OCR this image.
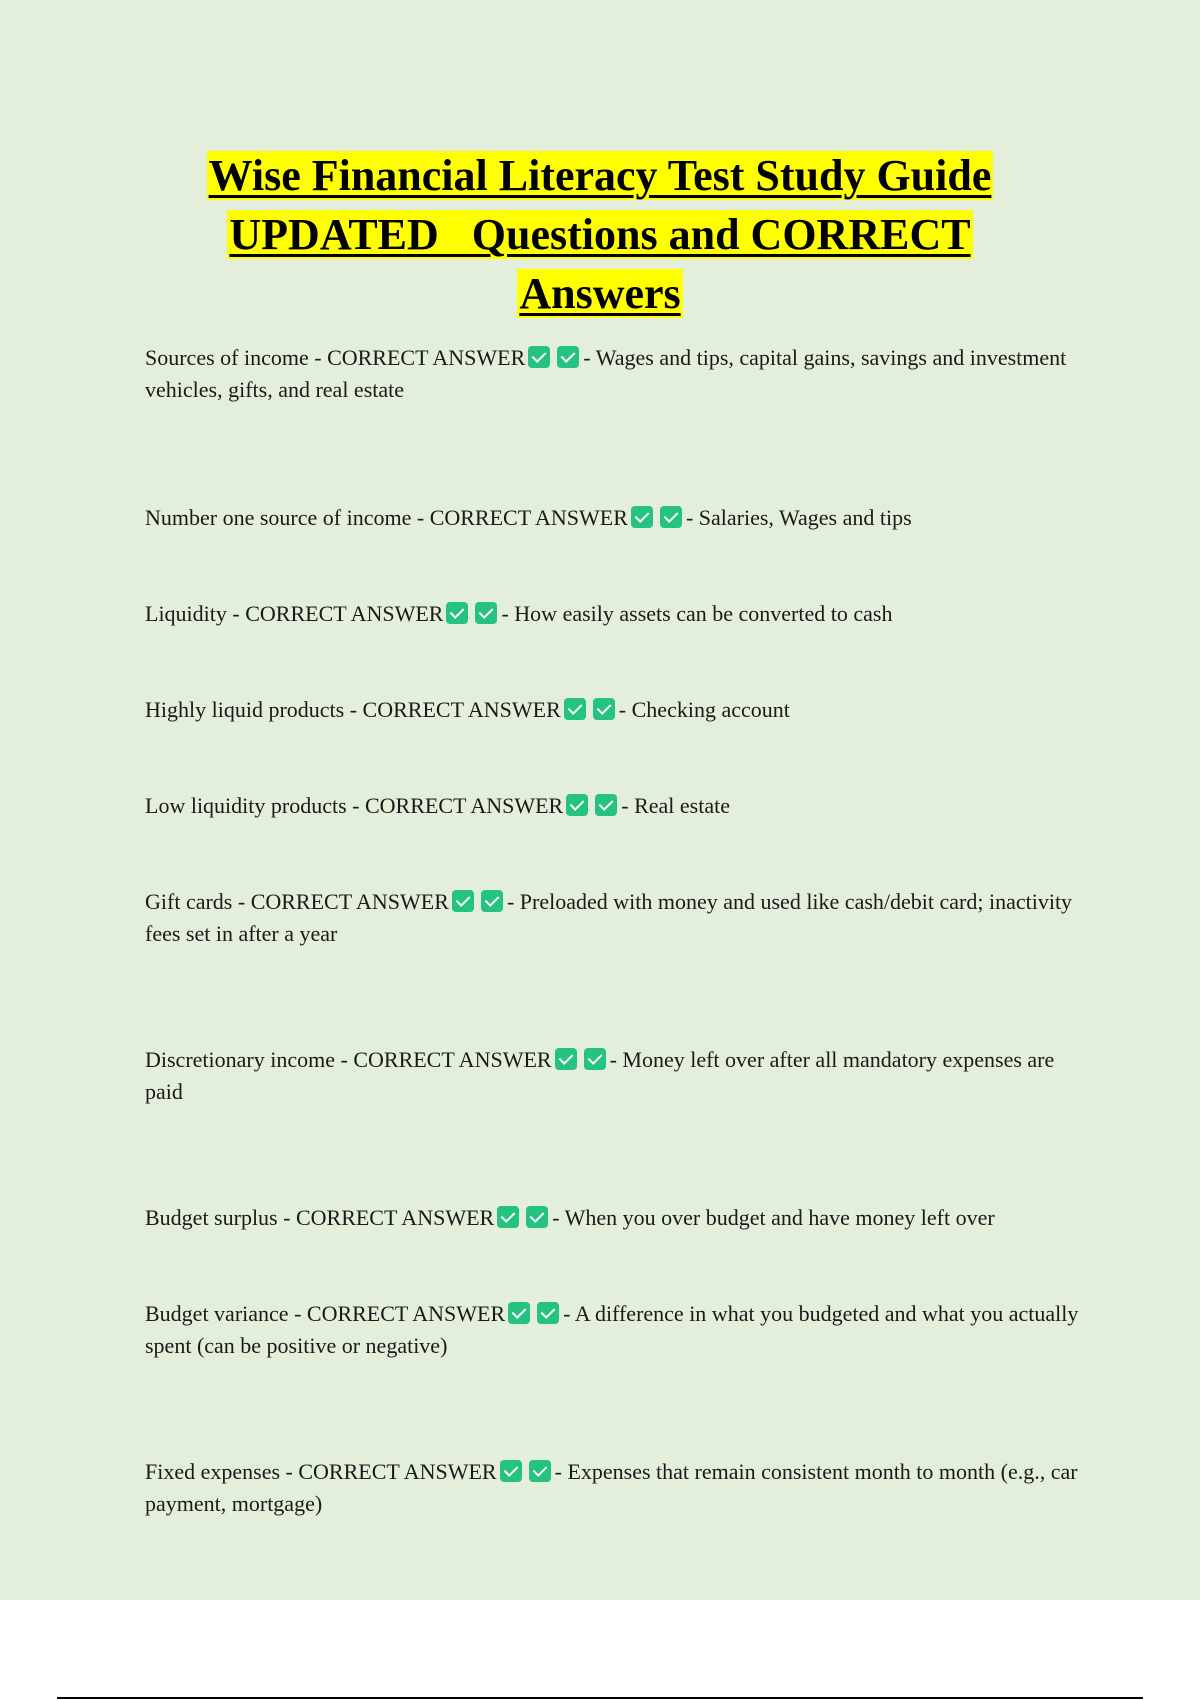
Wise Financial Literacy Test Study Guide
UPDATED   Questions and CORRECT
Answers
Sources of income - CORRECT ANSWER	- Wages and tips, capital gains, savings and investment vehicles, gifts, and real estate
Number one source of income - CORRECT ANSWER	- Salaries, Wages and tips
Liquidity - CORRECT ANSWER	- How easily assets can be converted to cash
Highly liquid products - CORRECT ANSWER	- Checking account
Low liquidity products - CORRECT ANSWER	- Real estate
Gift cards - CORRECT ANSWER	- Preloaded with money and used like cash/debit card; inactivity fees set in after a year
Discretionary income - CORRECT ANSWER	- Money left over after all mandatory expenses are paid
Budget surplus - CORRECT ANSWER	- When you over budget and have money left over
Budget variance - CORRECT ANSWER	- A difference in what you budgeted and what you actually spent (can be positive or negative)
Fixed expenses - CORRECT ANSWER	- Expenses that remain consistent month to month (e.g., car payment, mortgage)
